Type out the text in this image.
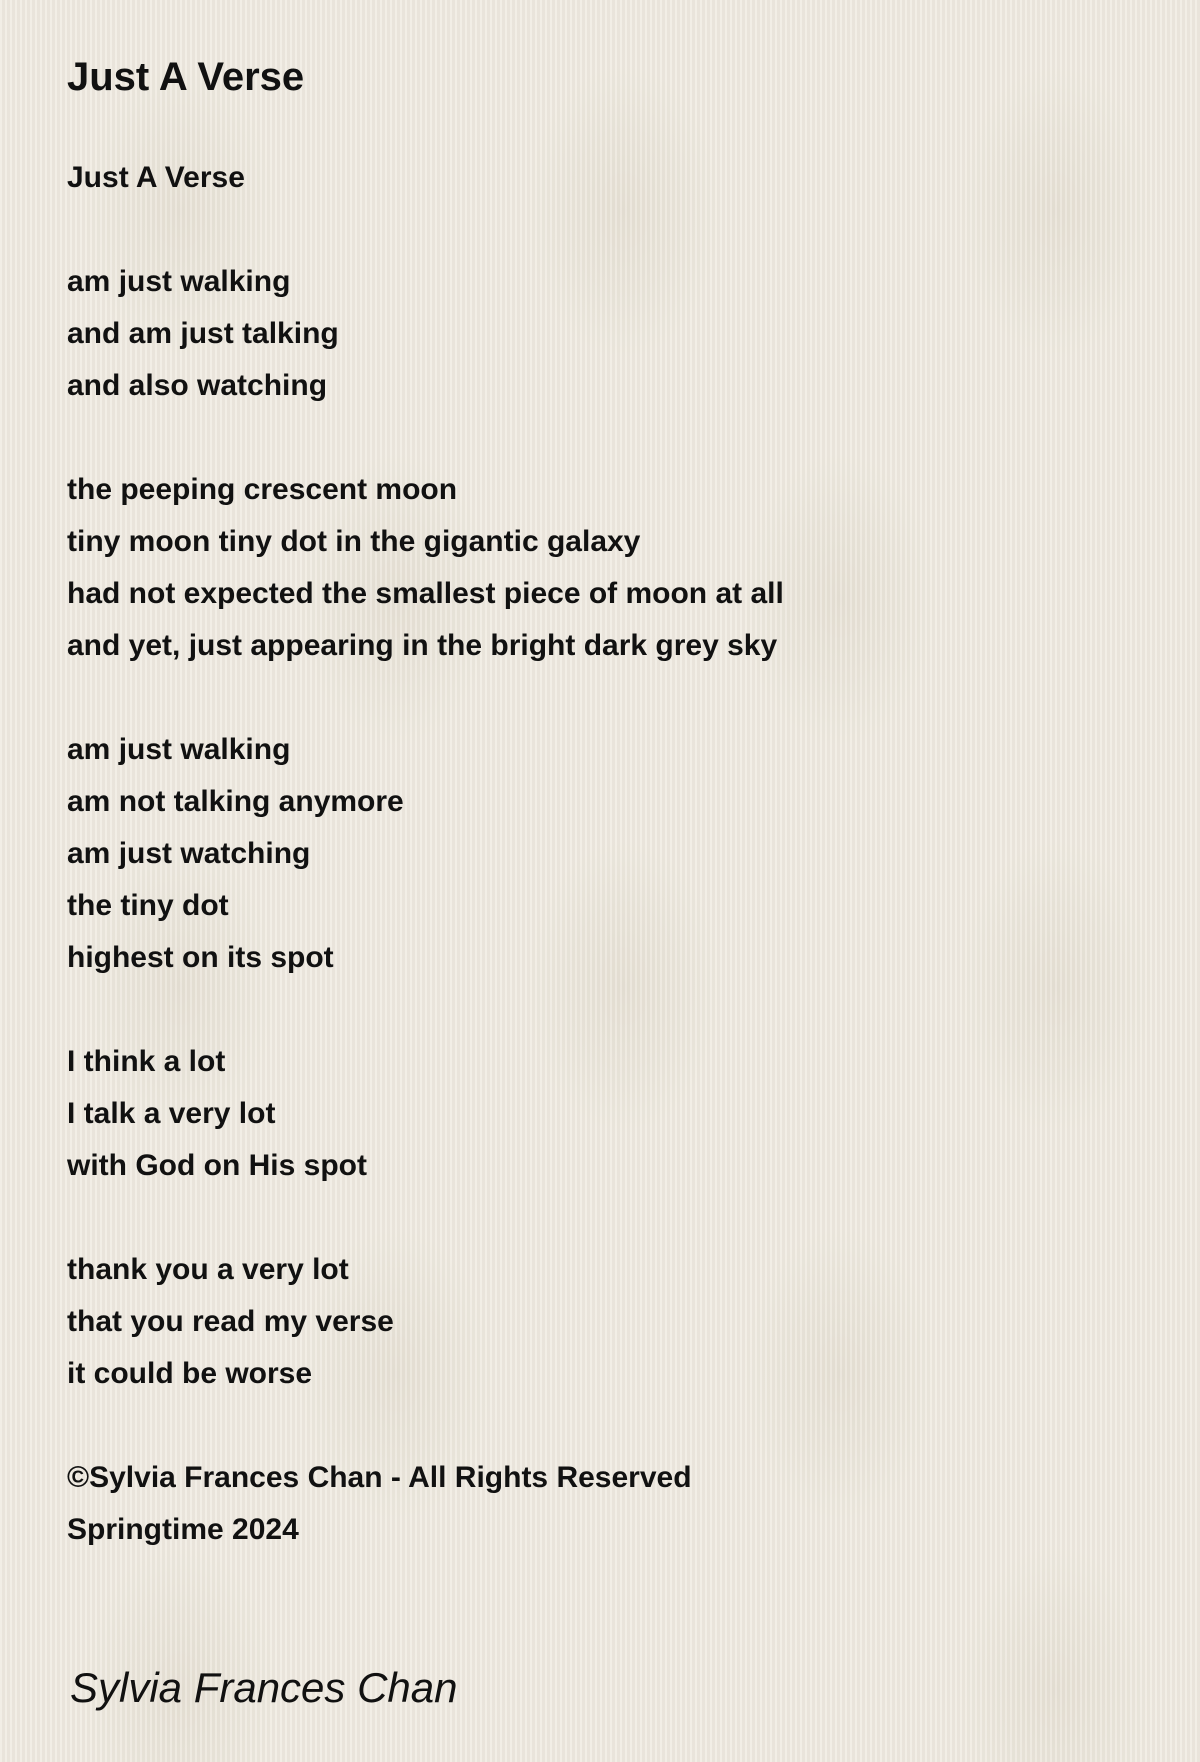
Just A Verse
Just A Verse
am just walking
and am just talking
and also watching
the peeping crescent moon
tiny moon tiny dot in the gigantic galaxy
had not expected the smallest piece of moon at all
and yet, just appearing in the bright dark grey sky
am just walking
am not talking anymore
am just watching
the tiny dot
highest on its spot
I think a lot
I talk a very lot
with God on His spot
thank you a very lot
that you read my verse
it could be worse
©Sylvia Frances Chan - All Rights Reserved
Springtime 2024
Sylvia Frances Chan
